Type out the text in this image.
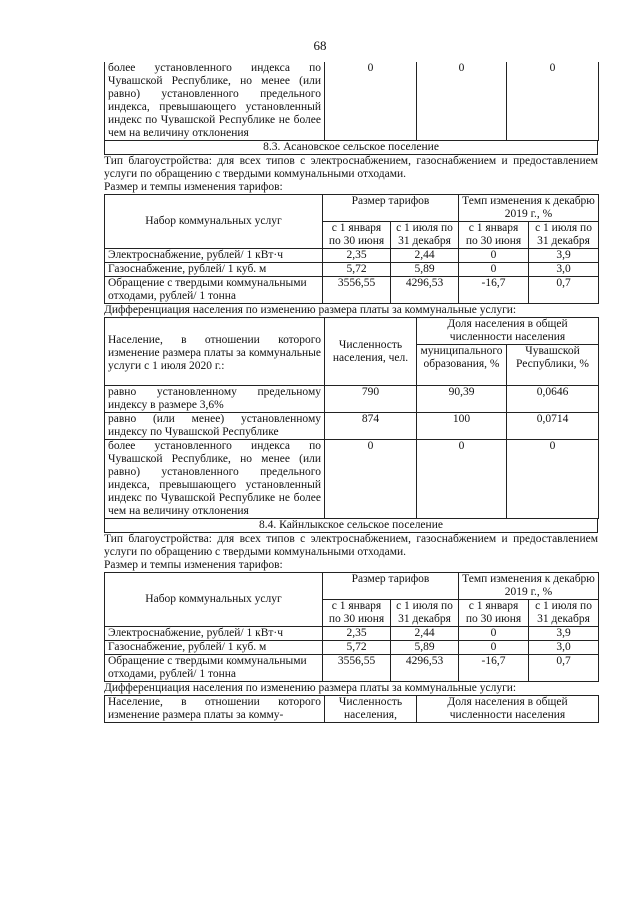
68
более установленного индекса по Чувашской Республике, но менее (или равно) установленного предельного индекса, превышающего установленный индекс по Чувашской Республике не более чем на величину отклонения	0	0	0
8.3. Асановское сельское поселение
Тип благоустройства: для всех типов с электроснабжением, газоснабжением и предоставлением услуги по обращению с твердыми коммунальными отходами.
Размер и темпы изменения тарифов:
Набор коммунальных услуг	Размер тарифов		Темп изменения к декабрю 2019 г., %	
	с 1 января по 30 июня	с 1 июля по 31 декабря	с 1 января по 30 июня	с 1 июля по 31 декабря
Электроснабжение, рублей/ 1 кВт·ч	2,35	2,44	0	3,9
Газоснабжение, рублей/ 1 куб. м	5,72	5,89	0	3,0
Обращение с твердыми коммунальными отходами, рублей/ 1 тонна	3556,55	4296,53	-16,7	0,7
Дифференциация населения по изменению размера платы за коммунальные услуги:
Население, в отношении которого изменение размера платы за коммунальные услуги с 1 июля 2020 г.:	Численность населения, чел.	Доля населения в общей численности населения	
		муниципального образования, %	Чувашской Республики, %
равно установленному предельному индексу в размере 3,6%	790	90,39	0,0646
равно (или менее) установленному индексу по Чувашской Республике	874	100	0,0714
более установленного индекса по Чувашской Республике, но менее (или равно) установленного предельного индекса, превышающего установленный индекс по Чувашской Республике не более чем на величину отклонения	0	0	0
8.4. Кайнлыкское сельское поселение
Тип благоустройства: для всех типов с электроснабжением, газоснабжением и предоставлением услуги по обращению с твердыми коммунальными отходами.
Размер и темпы изменения тарифов:
Набор коммунальных услуг	Размер тарифов		Темп изменения к декабрю 2019 г., %	
	с 1 января по 30 июня	с 1 июля по 31 декабря	с 1 января по 30 июня	с 1 июля по 31 декабря
Электроснабжение, рублей/ 1 кВт·ч	2,35	2,44	0	3,9
Газоснабжение, рублей/ 1 куб. м	5,72	5,89	0	3,0
Обращение с твердыми коммунальными отходами, рублей/ 1 тонна	3556,55	4296,53	-16,7	0,7
Дифференциация населения по изменению размера платы за коммунальные услуги:
Население, в отношении которого изменение размера платы за комму-	Численность населения,	Доля населения в общей численности населения
